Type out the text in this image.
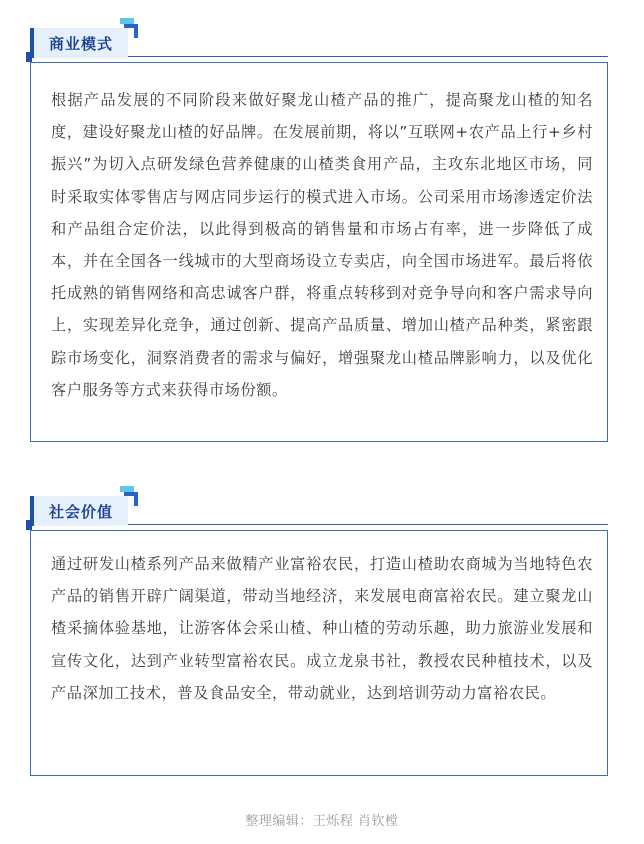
商业模式

根据产品发展的不同阶段来做好聚龙山楂产品的推广，提高聚龙山楂的知名度，建设好聚龙山楂的好品牌。在发展前期，将以”互联网+农产品上行+乡村振兴”为切入点研发绿色营养健康的山楂类食用产品，主攻东北地区市场，同时采取实体零售店与网店同步运行的模式进入市场。公司采用市场渗透定价法和产品组合定价法，以此得到极高的销售量和市场占有率，进一步降低了成本，并在全国各一线城市的大型商场设立专卖店，向全国市场进军。最后将依托成熟的销售网络和高忠诚客户群，将重点转移到对竞争导向和客户需求导向上，实现差异化竞争，通过创新、提高产品质量、增加山楂产品种类，紧密跟踪市场变化，洞察消费者的需求与偏好，增强聚龙山楂品牌影响力，以及优化客户服务等方式来获得市场份额。

社会价值

通过研发山楂系列产品来做精产业富裕农民，打造山楂助农商城为当地特色农产品的销售开辟广阔渠道，带动当地经济，来发展电商富裕农民。建立聚龙山楂采摘体验基地，让游客体会采山楂、种山楂的劳动乐趣，助力旅游业发展和宣传文化，达到产业转型富裕农民。成立龙泉书社，教授农民种植技术，以及产品深加工技术，普及食品安全，带动就业，达到培训劳动力富裕农民。

整理编辑：王烁程 肖钦樘
